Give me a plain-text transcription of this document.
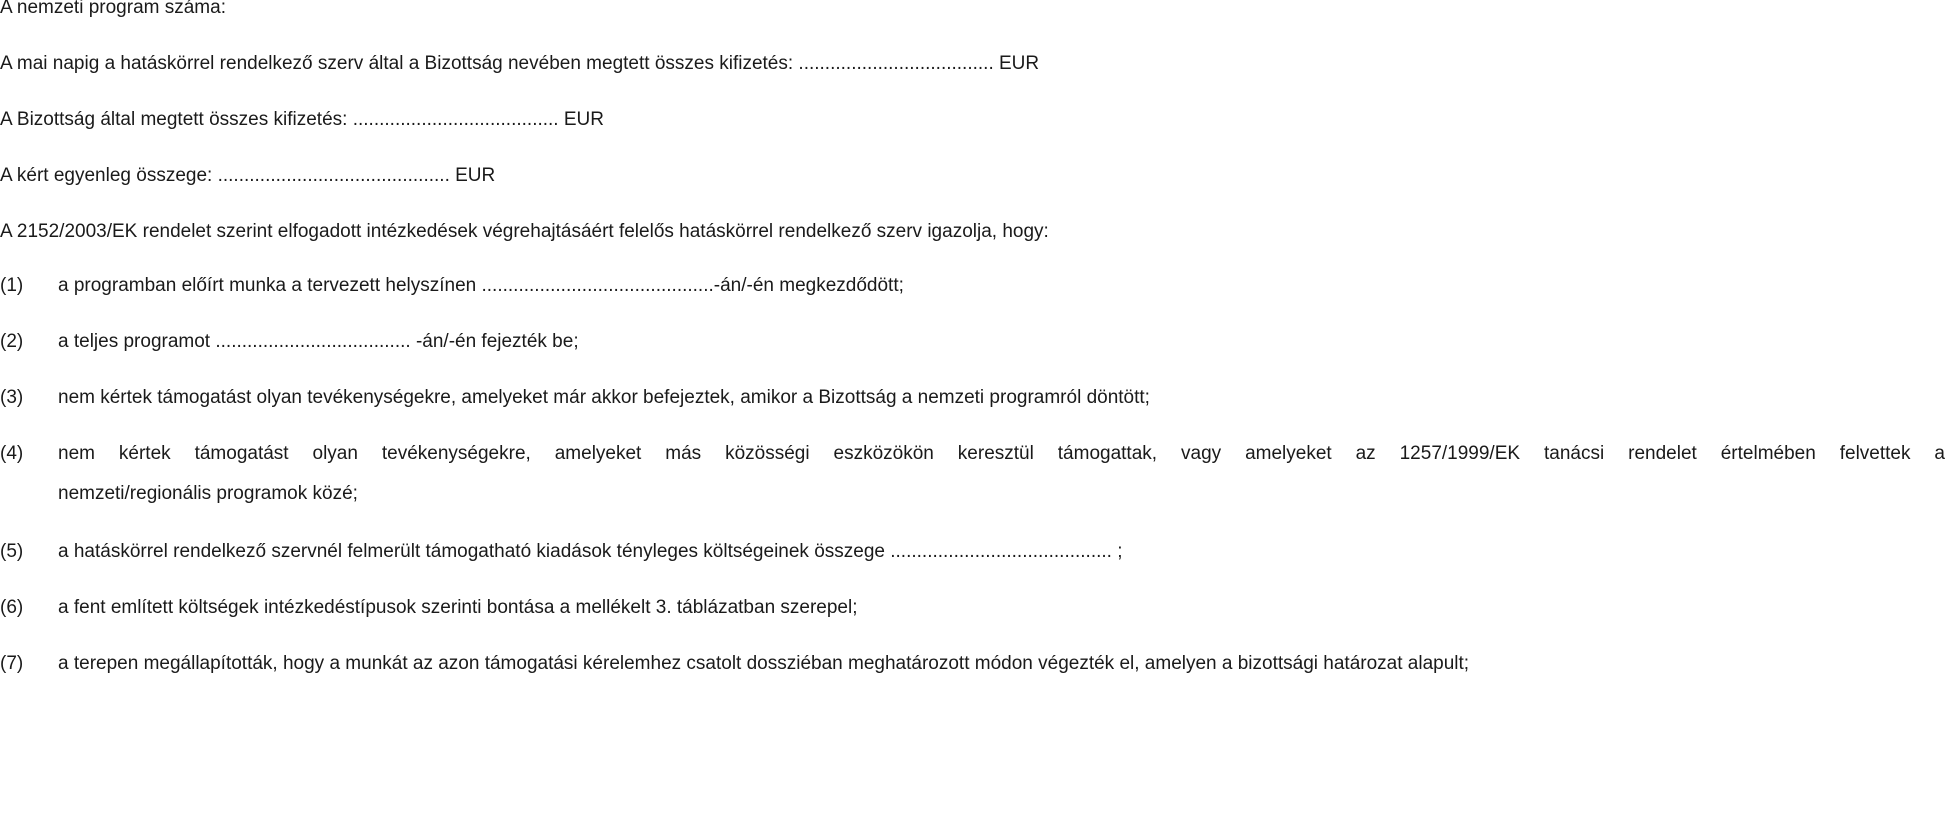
A nemzeti program száma:
A mai napig a hatáskörrel rendelkező szerv által a Bizottság nevében megtett összes kifizetés: ..................................... EUR
A Bizottság által megtett összes kifizetés: ....................................... EUR
A kért egyenleg összege: ............................................ EUR
A 2152/2003/EK rendelet szerint elfogadott intézkedések végrehajtásáért felelős hatáskörrel rendelkező szerv igazolja, hogy:
(1) a programban előírt munka a tervezett helyszínen ............................................-án/-én megkezdődött;
(2) a teljes programot ..................................... -án/-én fejezték be;
(3) nem kértek támogatást olyan tevékenységekre, amelyeket már akkor befejeztek, amikor a Bizottság a nemzeti programról döntött;
(4) nem kértek támogatást olyan tevékenységekre, amelyeket más közösségi eszközökön keresztül támogattak, vagy amelyeket az 1257/1999/EK tanácsi rendelet értelmében felvettek a
nemzeti/regionális programok közé;
(5) a hatáskörrel rendelkező szervnél felmerült támogatható kiadások tényleges költségeinek összege .......................................... ;
(6) a fent említett költségek intézkedéstípusok szerinti bontása a mellékelt 3. táblázatban szerepel;
(7) a terepen megállapították, hogy a munkát az azon támogatási kérelemhez csatolt dossziéban meghatározott módon végezték el, amelyen a bizottsági határozat alapult;
